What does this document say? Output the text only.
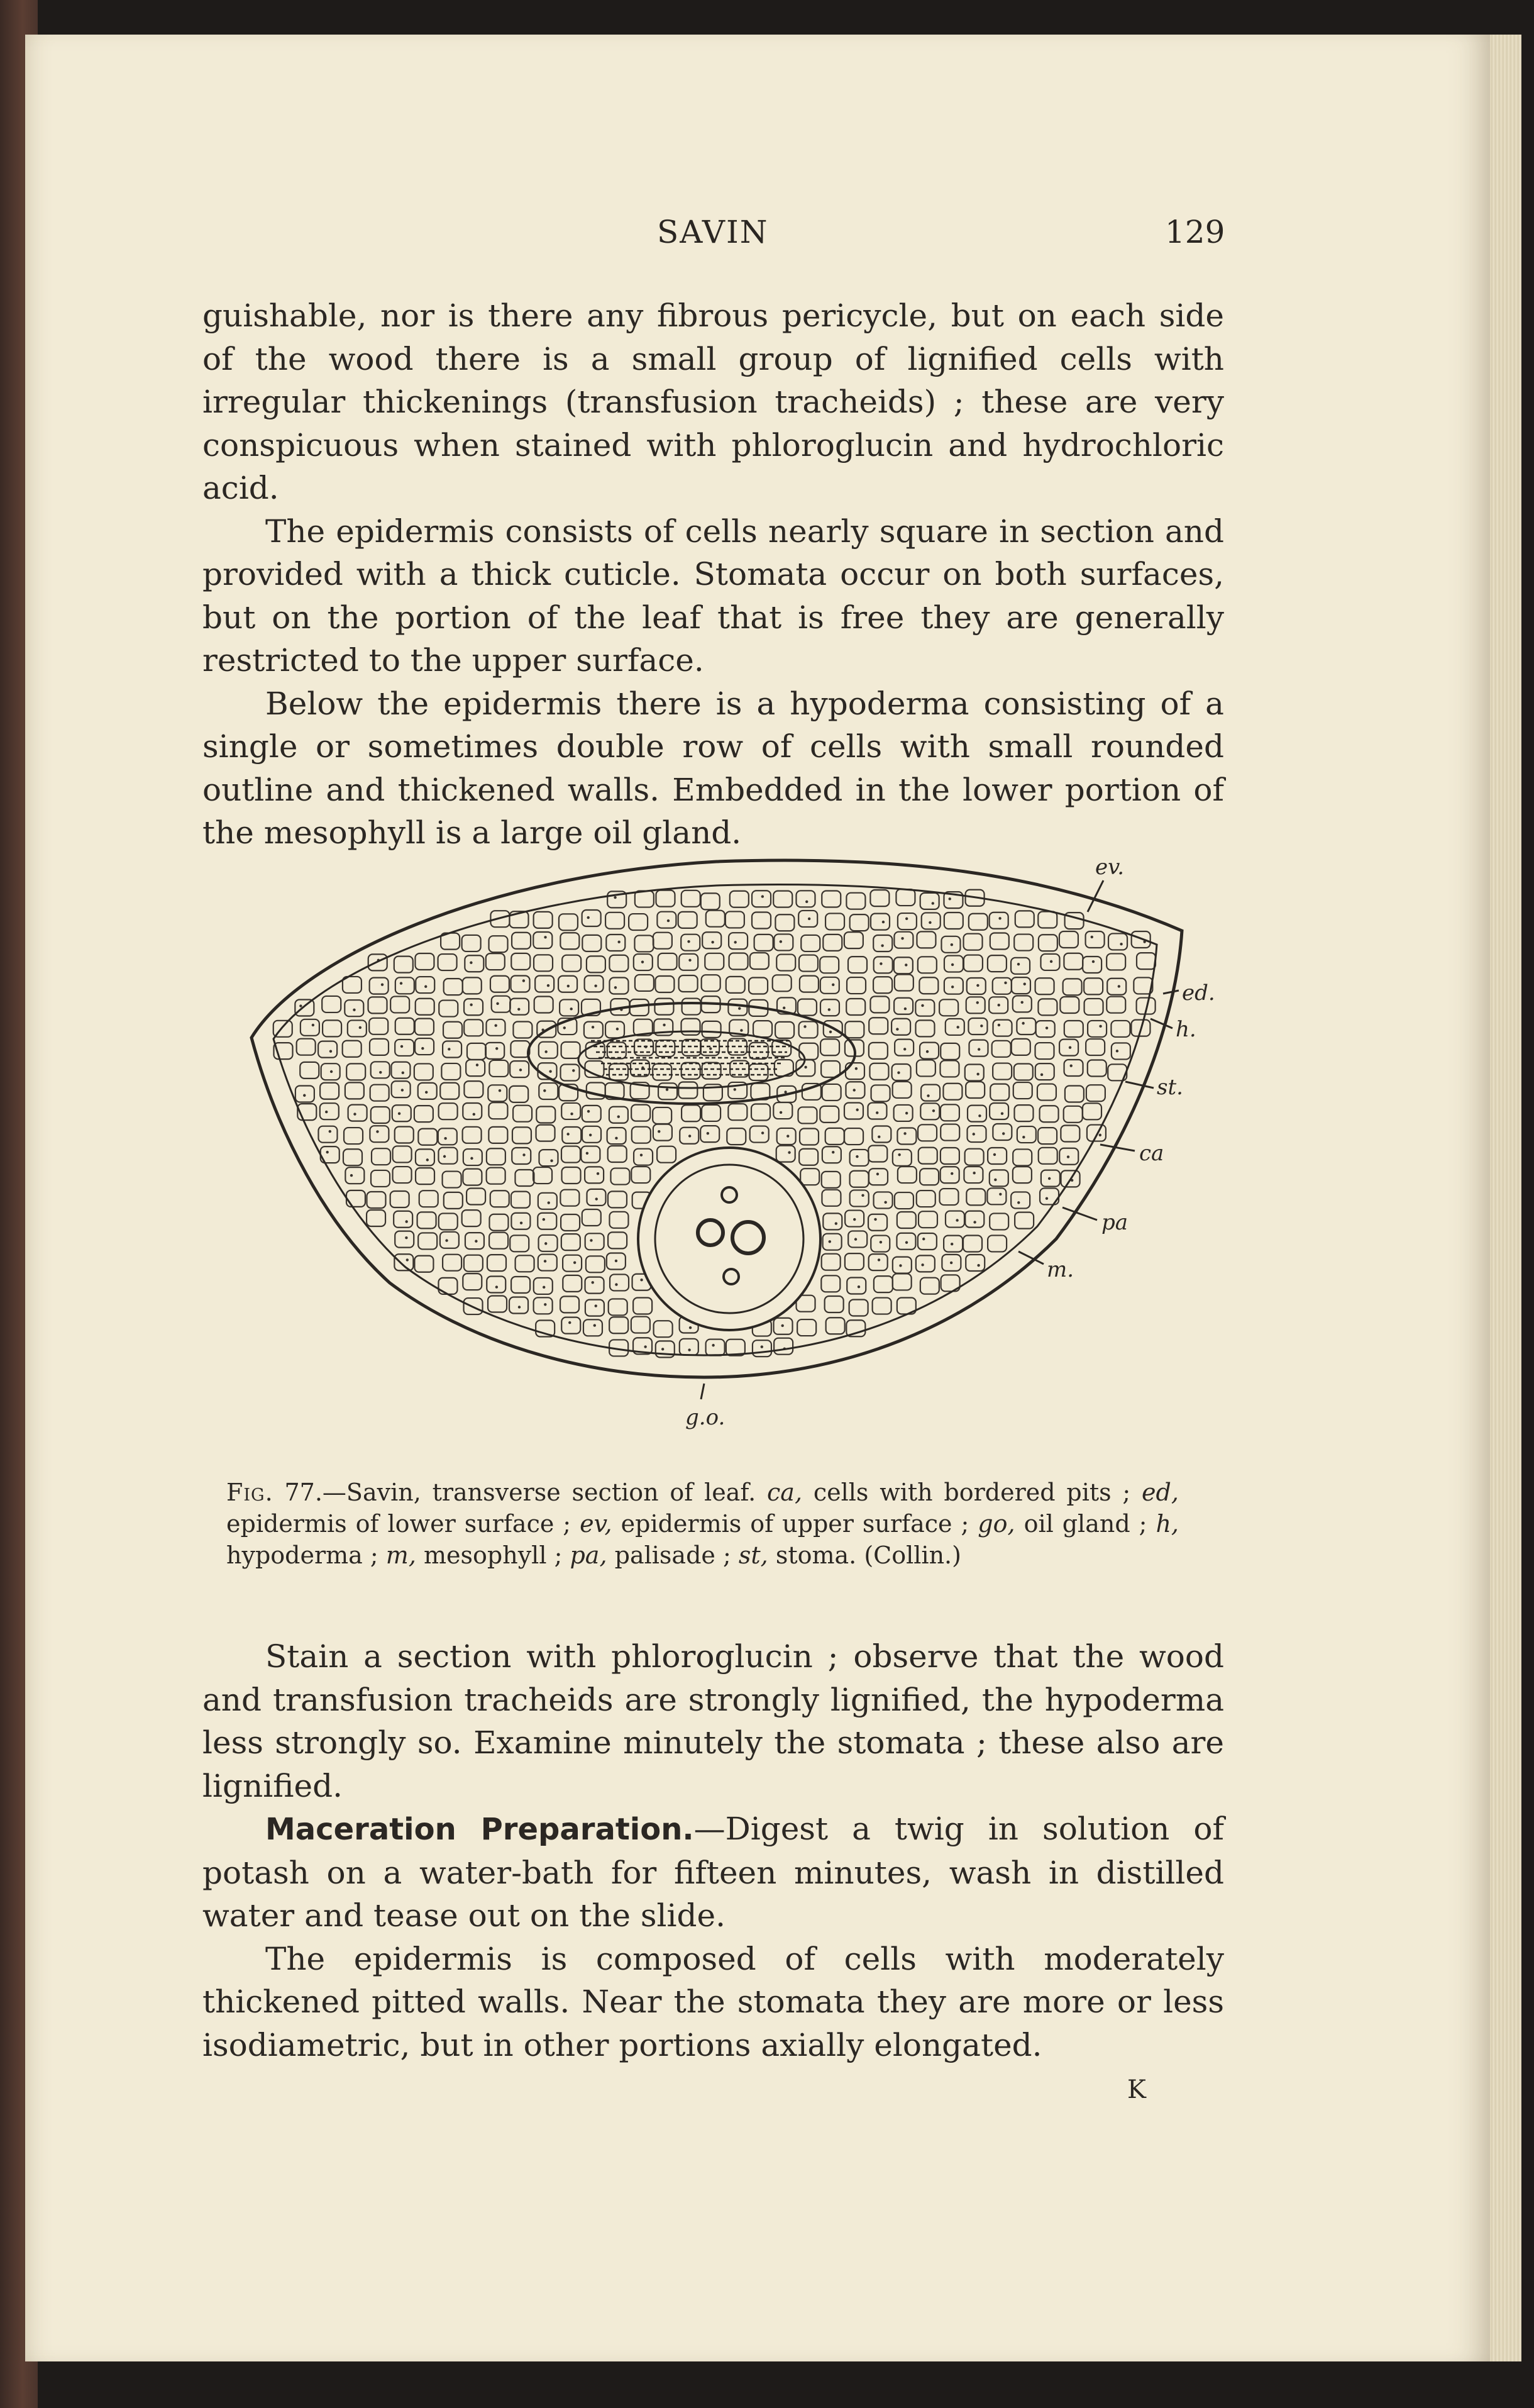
SAVIN	129

guishable, nor is there any fibrous pericycle, but on each side of the wood there is a small group of lignified cells with irregular thickenings (transfusion tracheids) ; these are very conspicuous when stained with phloroglucin and hydrochloric acid.

The epidermis consists of cells nearly square in section and provided with a thick cuticle. Stomata occur on both surfaces, but on the portion of the leaf that is free they are generally restricted to the upper surface.

Below the epidermis there is a hypoderma consisting of a single or sometimes double row of cells with small rounded outline and thickened walls. Embedded in the lower portion of the mesophyll is a large oil gland.

ev.
ed.
h.
st.
ca
pa
m.
g.o.
Fig. 77.—Savin, transverse section of leaf. ca, cells with bordered pits ; ed, epidermis of lower surface ; ev, epidermis of upper surface ; go, oil gland ; h, hypoderma ; m, mesophyll ; pa, palisade ; st, stoma. (Collin.)

Stain a section with phloroglucin ; observe that the wood and transfusion tracheids are strongly lignified, the hypoderma less strongly so. Examine minutely the stomata ; these also are lignified.

Maceration Preparation.—Digest a twig in solution of potash on a water-bath for fifteen minutes, wash in distilled water and tease out on the slide.

The epidermis is composed of cells with moderately thickened pitted walls. Near the stomata they are more or less isodiametric, but in other portions axially elongated.

K
